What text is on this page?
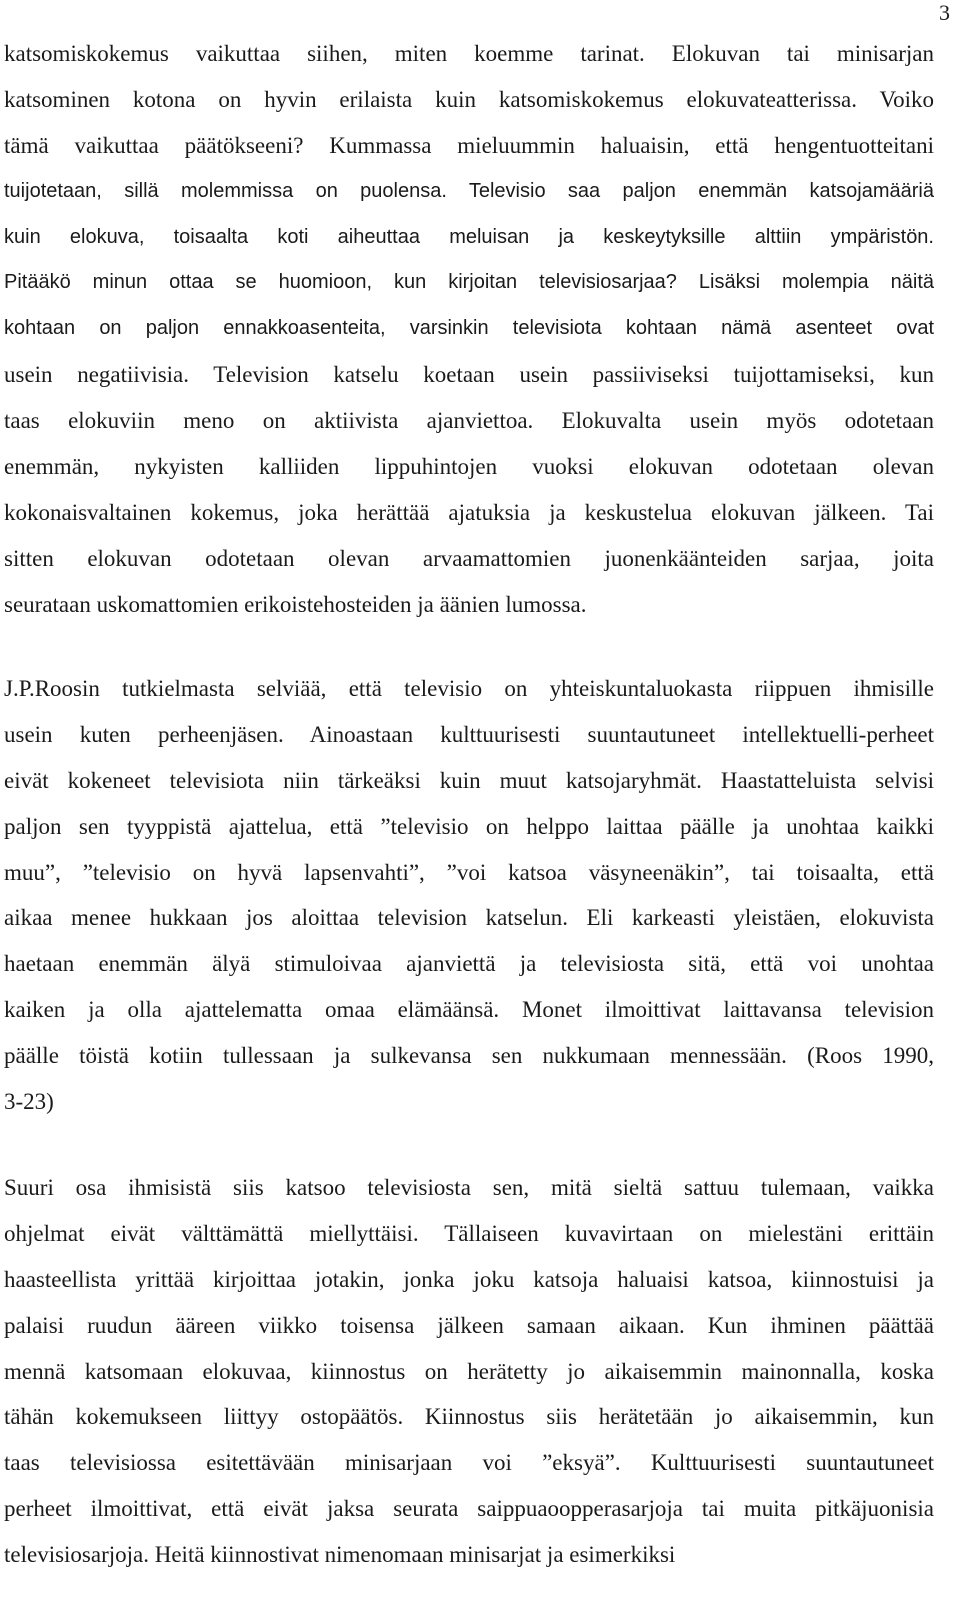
3
katsomiskokemus vaikuttaa siihen, miten koemme tarinat. Elokuvan tai minisarjan
katsominen kotona on hyvin erilaista kuin katsomiskokemus elokuvateatterissa. Voiko
tämä vaikuttaa päätökseeni? Kummassa mieluummin haluaisin, että hengentuotteitani
tuijotetaan, sillä molemmissa on puolensa. Televisio saa paljon enemmän katsojamääriä
kuin elokuva, toisaalta koti aiheuttaa meluisan ja keskeytyksille alttiin ympäristön.
Pitääkö minun ottaa se huomioon, kun kirjoitan televisiosarjaa? Lisäksi molempia näitä
kohtaan on paljon ennakkoasenteita, varsinkin televisiota kohtaan nämä asenteet ovat
usein negatiivisia. Television katselu koetaan usein passiiviseksi tuijottamiseksi, kun
taas elokuviin meno on aktiivista ajanviettoa. Elokuvalta usein myös odotetaan
enemmän, nykyisten kalliiden lippuhintojen vuoksi elokuvan odotetaan olevan
kokonaisvaltainen kokemus, joka herättää ajatuksia ja keskustelua elokuvan jälkeen. Tai
sitten elokuvan odotetaan olevan arvaamattomien juonenkäänteiden sarjaa, joita
seurataan uskomattomien erikoistehosteiden ja äänien lumossa.
J.P.Roosin tutkielmasta selviää, että televisio on yhteiskuntaluokasta riippuen ihmisille
usein kuten perheenjäsen. Ainoastaan kulttuurisesti suuntautuneet intellektuelli-perheet
eivät kokeneet televisiota niin tärkeäksi kuin muut katsojaryhmät. Haastatteluista selvisi
paljon sen tyyppistä ajattelua, että ”televisio on helppo laittaa päälle ja unohtaa kaikki
muu”, ”televisio on hyvä lapsenvahti”, ”voi katsoa väsyneenäkin”, tai toisaalta, että
aikaa menee hukkaan jos aloittaa television katselun. Eli karkeasti yleistäen, elokuvista
haetaan enemmän älyä stimuloivaa ajanviettä ja televisiosta sitä, että voi unohtaa
kaiken ja olla ajattelematta omaa elämäänsä. Monet ilmoittivat laittavansa television
päälle töistä kotiin tullessaan ja sulkevansa sen nukkumaan mennessään. (Roos 1990,
3-23)
Suuri osa ihmisistä siis katsoo televisiosta sen, mitä sieltä sattuu tulemaan, vaikka
ohjelmat eivät välttämättä miellyttäisi. Tällaiseen kuvavirtaan on mielestäni erittäin
haasteellista yrittää kirjoittaa jotakin, jonka joku katsoja haluaisi katsoa, kiinnostuisi ja
palaisi ruudun ääreen viikko toisensa jälkeen samaan aikaan. Kun ihminen päättää
mennä katsomaan elokuvaa, kiinnostus on herätetty jo aikaisemmin mainonnalla, koska
tähän kokemukseen liittyy ostopäätös. Kiinnostus siis herätetään jo aikaisemmin, kun
taas televisiossa esitettävään minisarjaan voi ”eksyä”. Kulttuurisesti suuntautuneet
perheet ilmoittivat, että eivät jaksa seurata saippuaoopperasarjoja tai muita pitkäjuonisia
televisiosarjoja. Heitä kiinnostivat nimenomaan minisarjat ja esimerkiksi
